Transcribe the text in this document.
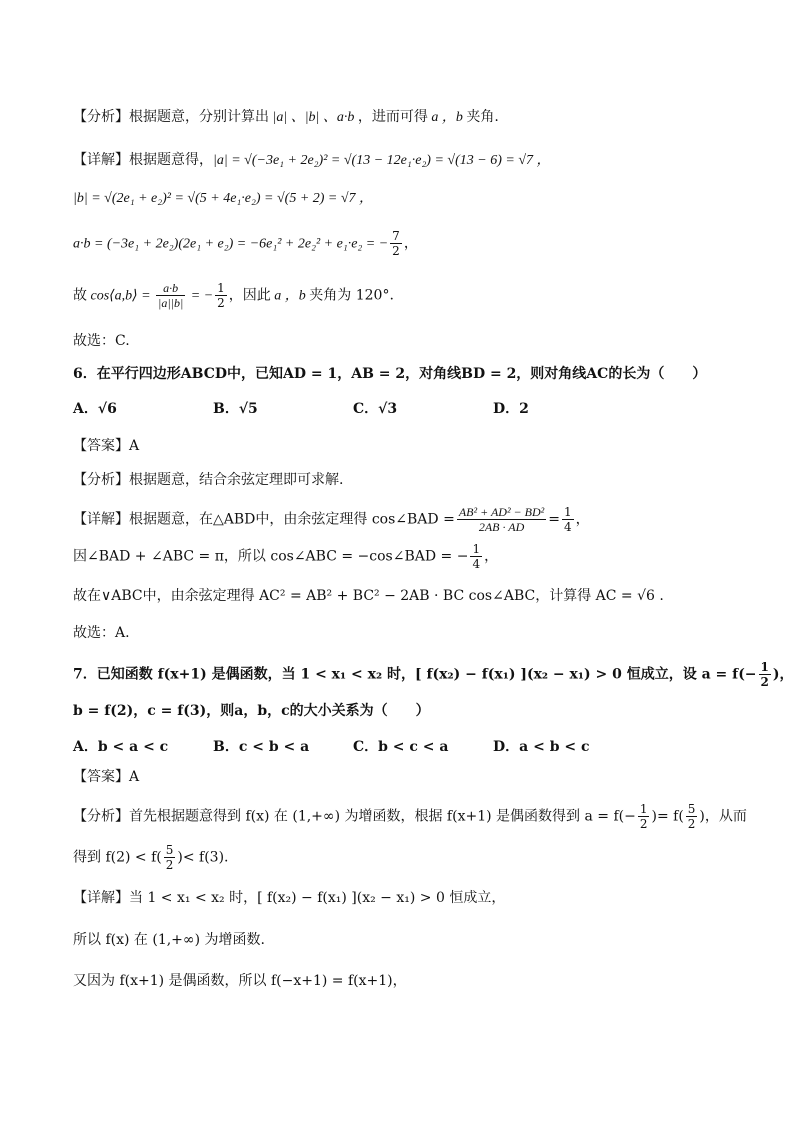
【分析】根据题意，分别计算出 |a| 、|b| 、a·b ，进而可得 a ，b 夹角.
【详解】根据题意得，|a| = √(−3e₁ + 2e₂)² = √(13 − 12e₁·e₂) = √(13 − 6) = √7 ，
|b| = √(2e₁ + e₂)² = √(5 + 4e₁·e₂) = √(5 + 2) = √7 ，
a·b = (−3e₁ + 2e₂)(2e₁ + e₂) = −6e₁² + 2e₂² + e₁·e₂ = − $\frac{7}{2}$ ，
故 cos⟨a,b⟩ = $\frac{a\cdot b}{|a||b|}$ = − $\frac{1}{2}$ ，因此 a ，b 夹角为 120°.
故选：C.
6．在平行四边形ABCD中，已知AD = 1，AB = 2，对角线BD = 2，则对角线AC的长为（　　）
A．√6	B．√5	C．√3	D．2
【答案】A
【分析】根据题意，结合余弦定理即可求解.
【详解】根据题意，在△ABD中，由余弦定理得 cos∠BAD = $\frac{\text{AB² + AD² − BD²}}{2AB \cdot AD} = \frac{1}{4}$ ，
因∠BAD + ∠ABC = π，所以 cos∠ABC = −cos∠BAD = − $\frac{1}{4}$ ，
故在∨ABC中，由余弦定理得 AC² = AB² + BC² − 2AB · BC cos∠ABC，计算得 AC = √6 .
故选：A.
7．已知函数 f(x+1) 是偶函数，当 1 < x₁ < x₂ 时，[ f(x₂) − f(x₁) ](x₂ − x₁) > 0 恒成立，设 $a = f(- \frac{1}{2}$ )，
b = f(2)，c = f(3)，则a，b，c的大小关系为（　　）
A．b < a < c	B．c < b < a	C．b < c < a	D．a < b < c
【答案】A
【分析】首先根据题意得到 f(x) 在 (1,+∞) 为增函数，根据 f(x+1) 是偶函数得到 $a = f(- \frac{1}{2}$ )= $f( \frac{5}{2}$ )，从而
得到 $f(2) < f( \frac{5}{2}$ )< f(3).
【详解】当 1 < x₁ < x₂ 时，[ f(x₂) − f(x₁) ](x₂ − x₁) > 0 恒成立，
所以 f(x) 在 (1,+∞) 为增函数.
又因为 f(x+1) 是偶函数，所以 f(−x+1) = f(x+1)，
